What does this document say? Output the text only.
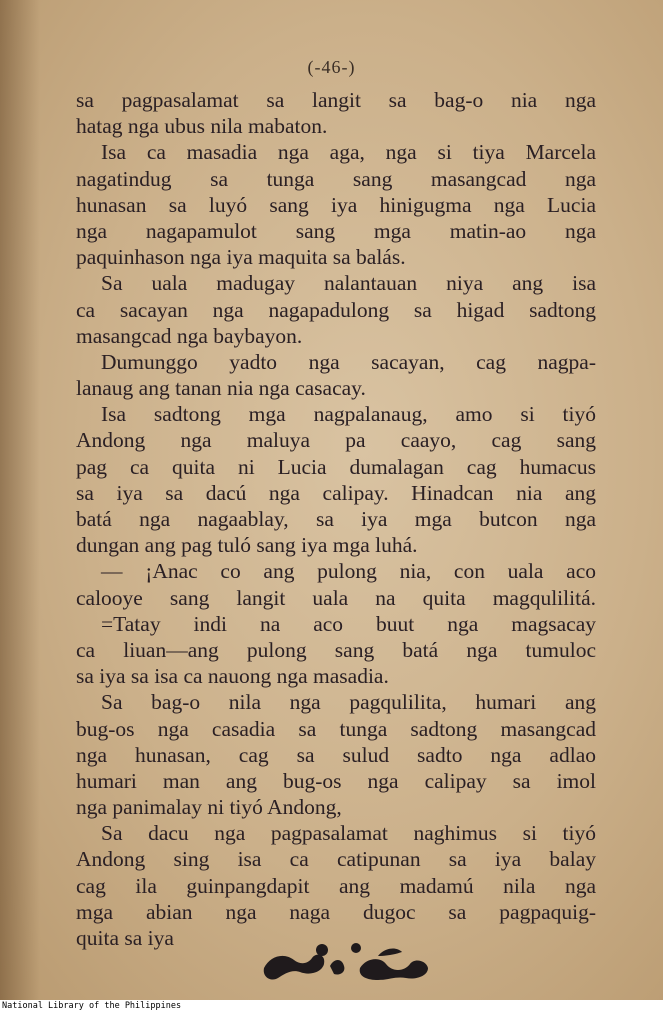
(-46-)
sa pagpasalamat sa langit sa bag-o nia nga
hatag nga ubus nila mabaton.
Isa ca masadia nga aga, nga si tiya Marcela
nagatindug sa tunga sang masangcad nga
hunasan sa luyó sang iya hinigugma nga Lucia
nga nagapamulot sang mga matin-ao nga
paquinhason nga iya maquita sa balás.
Sa uala madugay nalantauan niya ang isa
ca sacayan nga nagapadulong sa higad sadtong
masangcad nga baybayon.
Dumunggo yadto nga sacayan, cag nagpa-
lanaug ang tanan nia nga casacay.
Isa sadtong mga nagpalanaug, amo si tiyó
Andong nga maluya pa caayo, cag sang
pag ca quita ni Lucia dumalagan cag humacus
sa iya sa dacú nga calipay. Hinadcan nia ang
batá nga nagaablay, sa iya mga butcon nga
dungan ang pag tuló sang iya mga luhá.
— ¡Anac co ang pulong nia, con uala aco
calooye sang langit uala na quita magqulilitá.
=Tatay indi na aco buut nga magsacay
ca liuan—ang pulong sang batá nga tumuloc
sa iya sa isa ca nauong nga masadia.
Sa bag-o nila nga pagqulilita, humari ang
bug-os nga casadia sa tunga sadtong masangcad
nga hunasan, cag sa sulud sadto nga adlao
humari man ang bug-os nga calipay sa imol
nga panimalay ni tiyó Andong,
Sa dacu nga pagpasalamat naghimus si tiyó
Andong sing isa ca catipunan sa iya balay
cag ila guinpangdapit ang madamú nila nga
mga abian nga naga dugoc sa pagpaquig-
quita sa iya
National Library of the Philippines
